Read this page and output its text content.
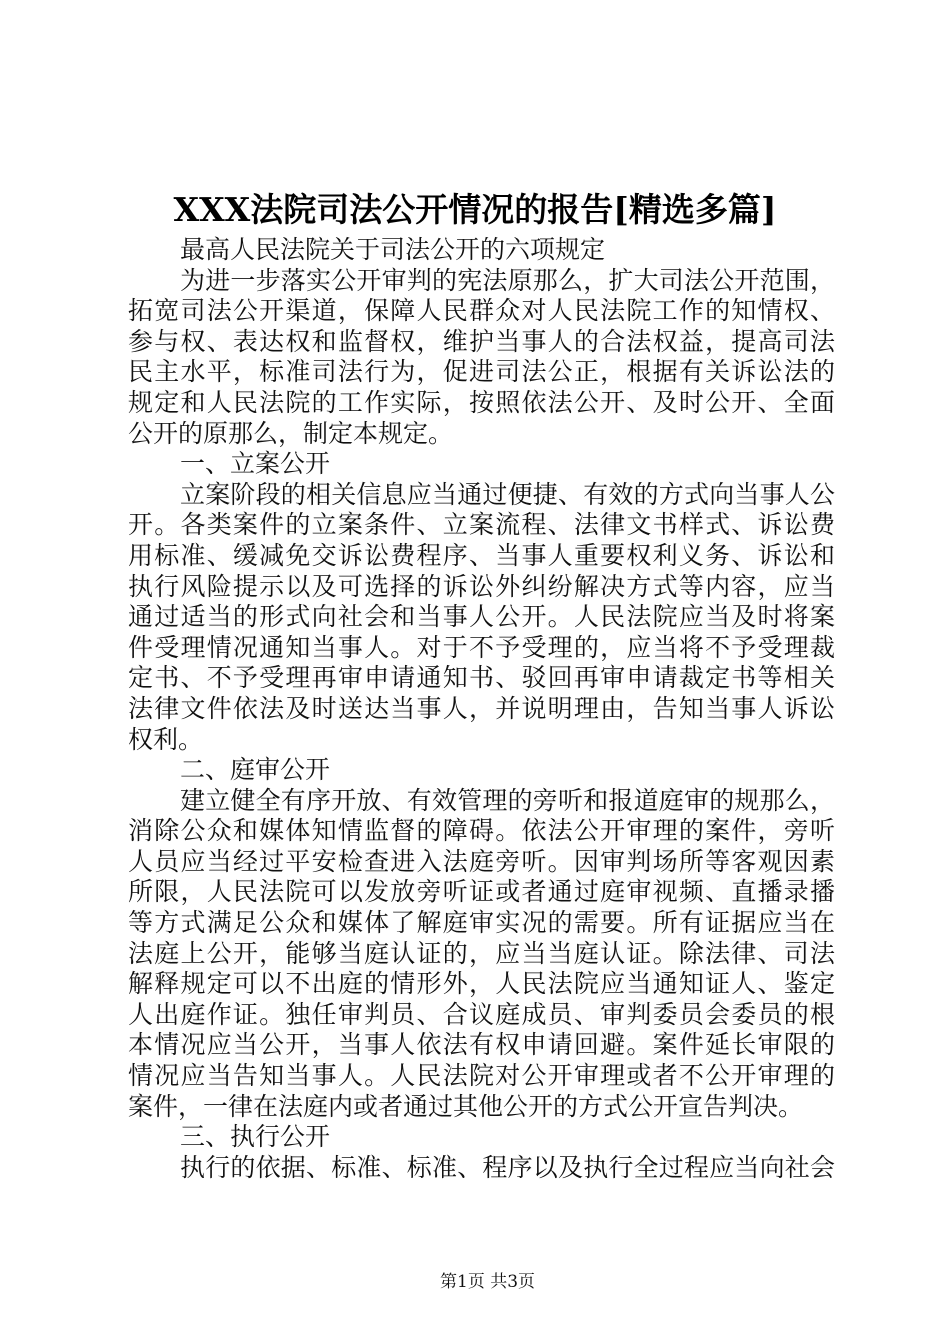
XXX法院司法公开情况的报告[精选多篇]
最高人民法院关于司法公开的六项规定
为进一步落实公开审判的宪法原那么，扩大司法公开范围，
拓宽司法公开渠道，保障人民群众对人民法院工作的知情权、
参与权、表达权和监督权，维护当事人的合法权益，提高司法
民主水平，标准司法行为，促进司法公正，根据有关诉讼法的
规定和人民法院的工作实际，按照依法公开、及时公开、全面
公开的原那么，制定本规定。
一、立案公开
立案阶段的相关信息应当通过便捷、有效的方式向当事人公
开。各类案件的立案条件、立案流程、法律文书样式、诉讼费
用标准、缓减免交诉讼费程序、当事人重要权利义务、诉讼和
执行风险提示以及可选择的诉讼外纠纷解决方式等内容，应当
通过适当的形式向社会和当事人公开。人民法院应当及时将案
件受理情况通知当事人。对于不予受理的，应当将不予受理裁
定书、不予受理再审申请通知书、驳回再审申请裁定书等相关
法律文件依法及时送达当事人，并说明理由，告知当事人诉讼
权利。
二、庭审公开
建立健全有序开放、有效管理的旁听和报道庭审的规那么，
消除公众和媒体知情监督的障碍。依法公开审理的案件，旁听
人员应当经过平安检查进入法庭旁听。因审判场所等客观因素
所限，人民法院可以发放旁听证或者通过庭审视频、直播录播
等方式满足公众和媒体了解庭审实况的需要。所有证据应当在
法庭上公开，能够当庭认证的，应当当庭认证。除法律、司法
解释规定可以不出庭的情形外，人民法院应当通知证人、鉴定
人出庭作证。独任审判员、合议庭成员、审判委员会委员的根
本情况应当公开，当事人依法有权申请回避。案件延长审限的
情况应当告知当事人。人民法院对公开审理或者不公开审理的
案件，一律在法庭内或者通过其他公开的方式公开宣告判决。
三、执行公开
执行的依据、标准、标准、程序以及执行全过程应当向社会
第1页 共3页
